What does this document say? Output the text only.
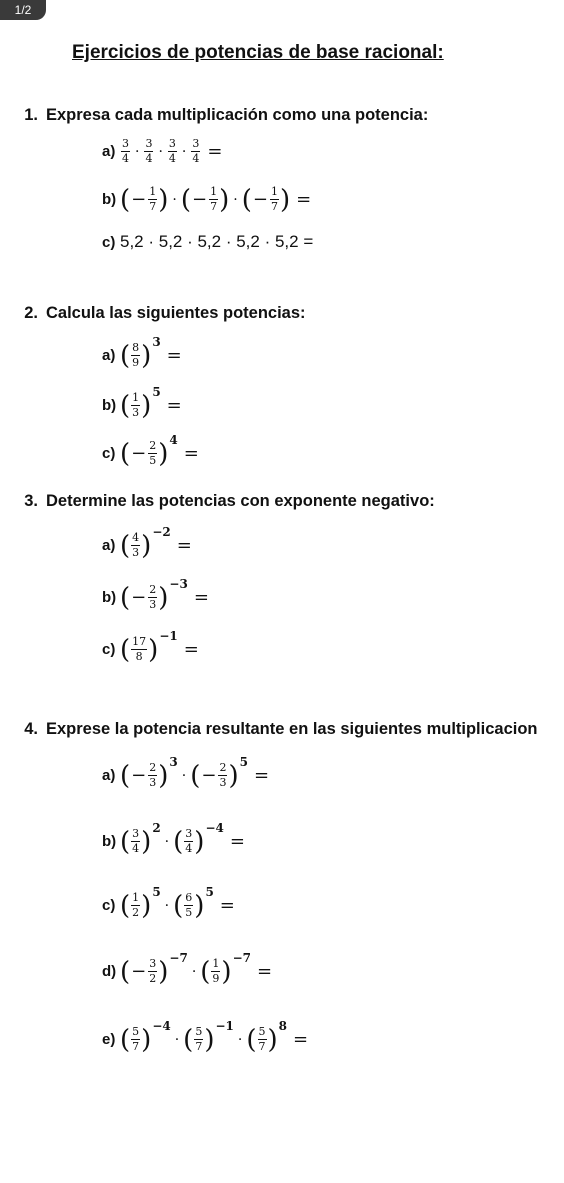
1/2
Ejercicios de potencias de base racional:
1. Expresa cada multiplicación como una potencia:
$a) \frac{3}{4} \cdot \frac{3}{4} \cdot \frac{3}{4} \cdot \frac{3}{4}$ =
b) ( − $\frac{1}{7}$ ) · ( − $\frac{1}{7}$ ) · ( − $\frac{1}{7}$ ) =
c) 5,2 · 5,2 · 5,2 · 5,2 · 5,2 =
2. Calcula las siguientes potencias:
a) ( $\frac{8}{9}$ ) 3
=
b) ( $\frac{1}{3}$ ) 5
=
c) ( − $\frac{2}{5}$ ) 4
=
3. Determine las potencias con exponente negativo:
a) ( $\frac{4}{3}$ ) −2
=
b) ( − $\frac{2}{3}$ ) −3
=
c) ( $\frac{17}{8}$ ) −1
=
4. Exprese la potencia resultante en las siguientes multiplicacion
a) ( − $\frac{2}{3}$ ) 3
· ( − $\frac{2}{3}$ ) 5
=
b) ( $\frac{3}{4}$ ) 2
· ( $\frac{3}{4}$ ) −4
=
c) ( $\frac{1}{2}$ ) 5
· ( $\frac{6}{5}$ ) 5
=
d) ( − $\frac{3}{2}$ ) −7
· ( $\frac{1}{9}$ ) −7
=
e) ( $\frac{5}{7}$ ) −4
· ( $\frac{5}{7}$ ) −1
· ( $\frac{5}{7}$ ) 8
=
